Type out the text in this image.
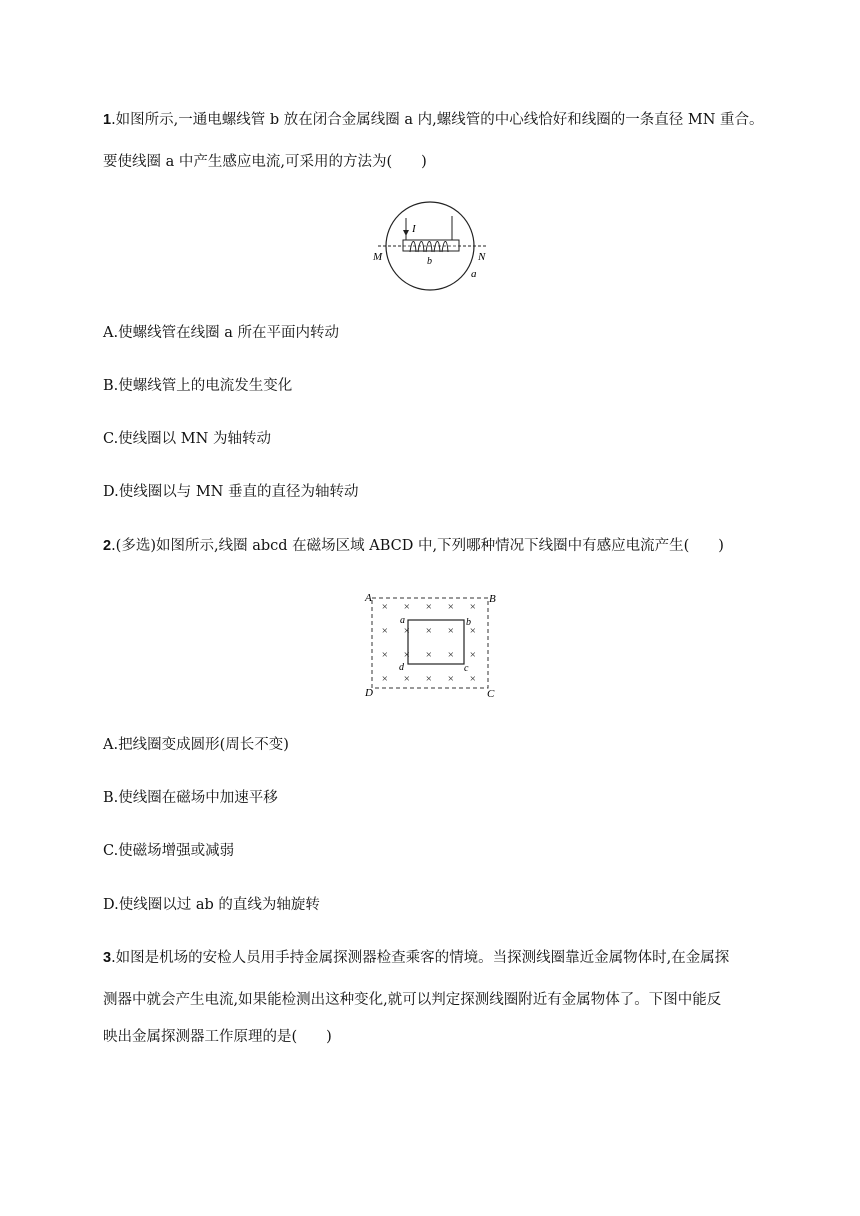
1.如图所示,一通电螺线管 b 放在闭合金属线圈 a 内,螺线管的中心线恰好和线圈的一条直径 MN 重合。
要使线圈 a 中产生感应电流,可采用的方法为(　　)
I
M	N
b
a
A.使螺线管在线圈 a 所在平面内转动
B.使螺线管上的电流发生变化
C.使线圈以 MN 为轴转动
D.使线圈以与 MN 垂直的直径为轴转动
2.(多选)如图所示,线圈 abcd 在磁场区域 ABCD 中,下列哪种情况下线圈中有感应电流产生(　　)
× × × × ×
× × × × ×
× × × × ×
× × × × ×
A	B
C
D
a	b
c
d
A.把线圈变成圆形(周长不变)
B.使线圈在磁场中加速平移
C.使磁场增强或减弱
D.使线圈以过 ab 的直线为轴旋转
3.如图是机场的安检人员用手持金属探测器检查乘客的情境。当探测线圈靠近金属物体时,在金属探
测器中就会产生电流,如果能检测出这种变化,就可以判定探测线圈附近有金属物体了。下图中能反
映出金属探测器工作原理的是(　　)
